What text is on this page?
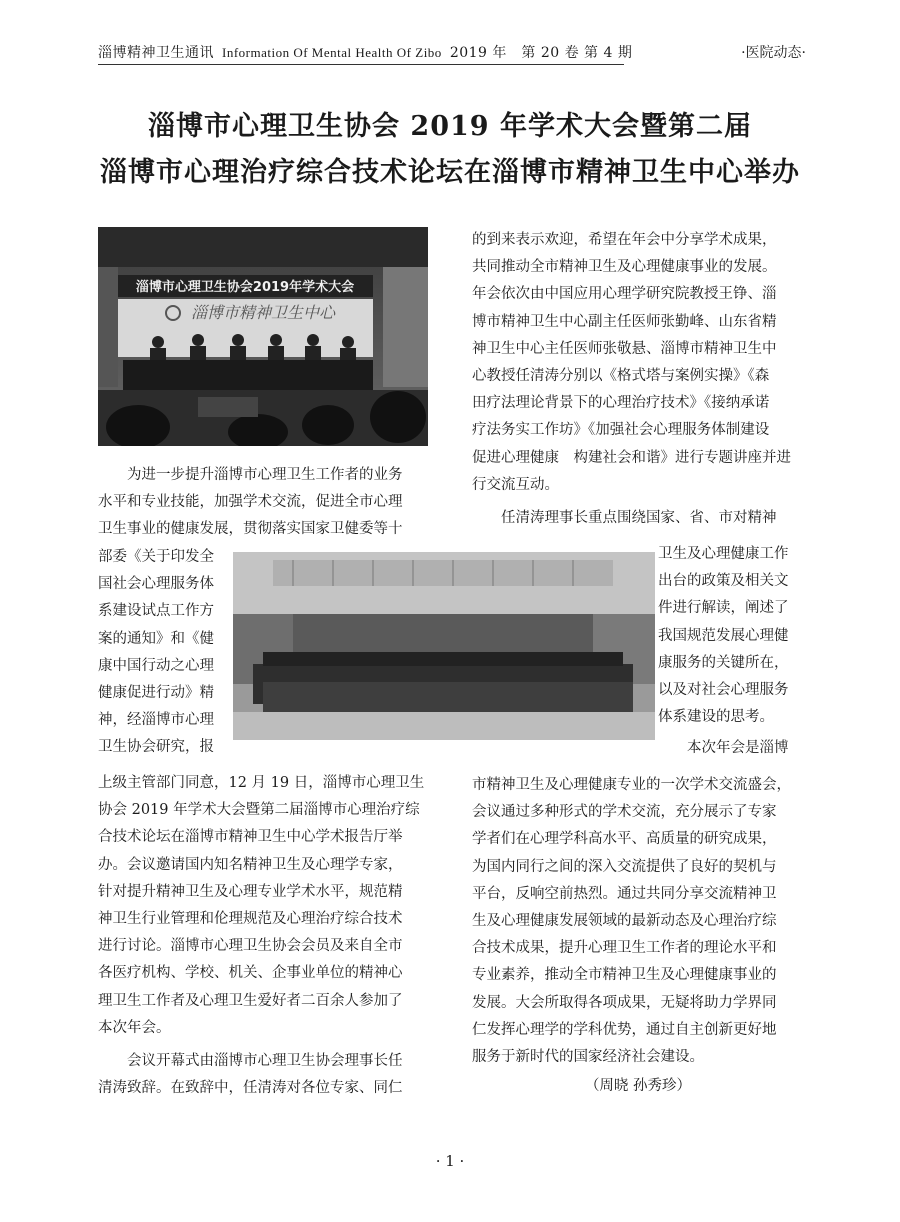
淄博精神卫生通讯 Information Of Mental Health Of Zibo 2019 年　第 20 卷 第 4 期	·医院动态·
淄博市心理卫生协会 2019 年学术大会暨第二届
淄博市心理治疗综合技术论坛在淄博市精神卫生中心举办
淄博市心理卫生协会2019年学术大会
淄博市精神卫生中心

为进一步提升淄博市心理卫生工作者的业务

水平和专业技能，加强学术交流，促进全市心理

卫生事业的健康发展，贯彻落实国家卫健委等十

部委《关于印发全

国社会心理服务体

系建设试点工作方

案的通知》和《健

康中国行动之心理

健康促进行动》精

神，经淄博市心理

卫生协会研究，报

上级主管部门同意，12 月 19 日，淄博市心理卫生

协会 2019 年学术大会暨第二届淄博市心理治疗综

合技术论坛在淄博市精神卫生中心学术报告厅举

办。会议邀请国内知名精神卫生及心理学专家，

针对提升精神卫生及心理专业学术水平，规范精

神卫生行业管理和伦理规范及心理治疗综合技术

进行讨论。淄博市心理卫生协会会员及来自全市

各医疗机构、学校、机关、企事业单位的精神心

理卫生工作者及心理卫生爱好者二百余人参加了

本次年会。

会议开幕式由淄博市心理卫生协会理事长任

清涛致辞。在致辞中，任清涛对各位专家、同仁

的到来表示欢迎，希望在年会中分享学术成果，

共同推动全市精神卫生及心理健康事业的发展。

年会依次由中国应用心理学研究院教授王铮、淄

博市精神卫生中心副主任医师张勤峰、山东省精

神卫生中心主任医师张敬悬、淄博市精神卫生中

心教授任清涛分别以《格式塔与案例实操》《森

田疗法理论背景下的心理治疗技术》《接纳承诺

疗法务实工作坊》《加强社会心理服务体制建设

促进心理健康　构建社会和谐》进行专题讲座并进

行交流互动。

任清涛理事长重点围绕国家、省、市对精神

卫生及心理健康工作

出台的政策及相关文

件进行解读，阐述了

我国规范发展心理健

康服务的关键所在，

以及对社会心理服务

体系建设的思考。

本次年会是淄博

市精神卫生及心理健康专业的一次学术交流盛会，

会议通过多种形式的学术交流，充分展示了专家

学者们在心理学科高水平、高质量的研究成果，

为国内同行之间的深入交流提供了良好的契机与

平台，反响空前热烈。通过共同分享交流精神卫

生及心理健康发展领域的最新动态及心理治疗综

合技术成果，提升心理卫生工作者的理论水平和

专业素养，推动全市精神卫生及心理健康事业的

发展。大会所取得各项成果，无疑将助力学界同

仁发挥心理学的学科优势，通过自主创新更好地

服务于新时代的国家经济社会建设。

（周晓 孙秀珍）

· 1 ·
